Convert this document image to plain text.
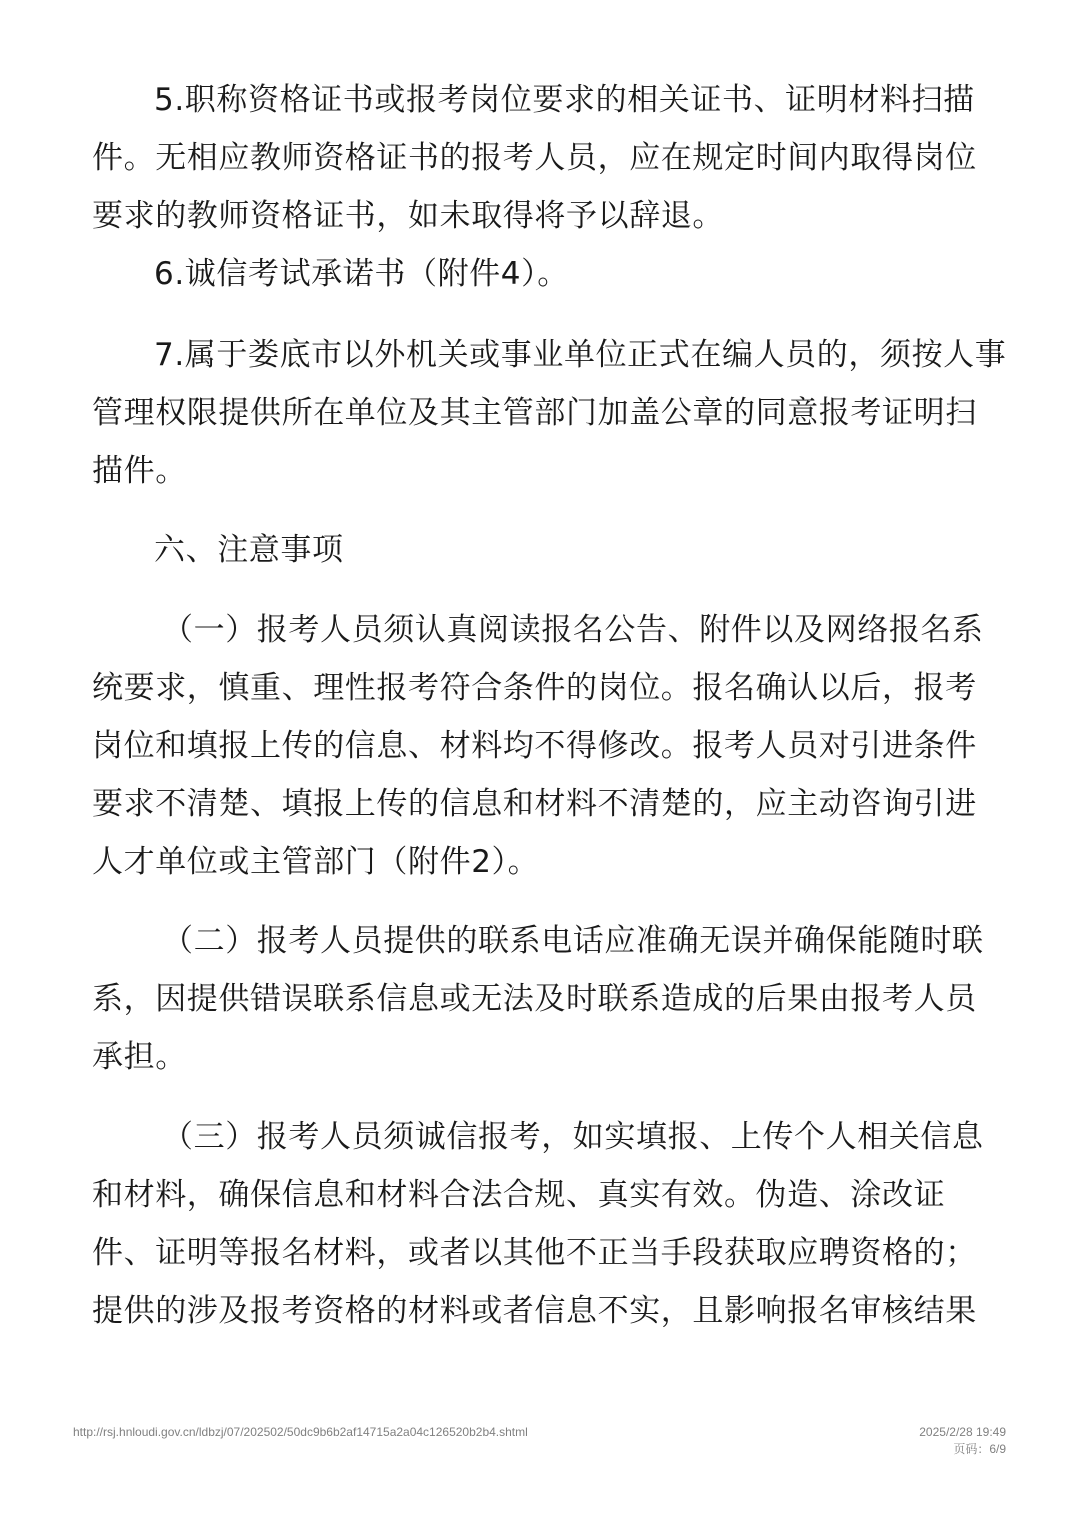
5.职称资格证书或报考岗位要求的相关证书、证明材料扫描
件。无相应教师资格证书的报考人员，应在规定时间内取得岗位
要求的教师资格证书，如未取得将予以辞退。
6.诚信考试承诺书（附件4）。
7.属于娄底市以外机关或事业单位正式在编人员的，须按人事
管理权限提供所在单位及其主管部门加盖公章的同意报考证明扫
描件。
六、注意事项
（一）报考人员须认真阅读报名公告、附件以及网络报名系
统要求，慎重、理性报考符合条件的岗位。报名确认以后，报考
岗位和填报上传的信息、材料均不得修改。报考人员对引进条件
要求不清楚、填报上传的信息和材料不清楚的，应主动咨询引进
人才单位或主管部门（附件2）。
（二）报考人员提供的联系电话应准确无误并确保能随时联
系，因提供错误联系信息或无法及时联系造成的后果由报考人员
承担。
（三）报考人员须诚信报考，如实填报、上传个人相关信息
和材料，确保信息和材料合法合规、真实有效。伪造、涂改证
件、证明等报名材料，或者以其他不正当手段获取应聘资格的；
提供的涉及报考资格的材料或者信息不实，且影响报名审核结果
http://rsj.hnloudi.gov.cn/ldbzj/07/202502/50dc9b6b2af14715a2a04c126520b2b4.shtml	2025/2/28 19:49
页码：6/9
